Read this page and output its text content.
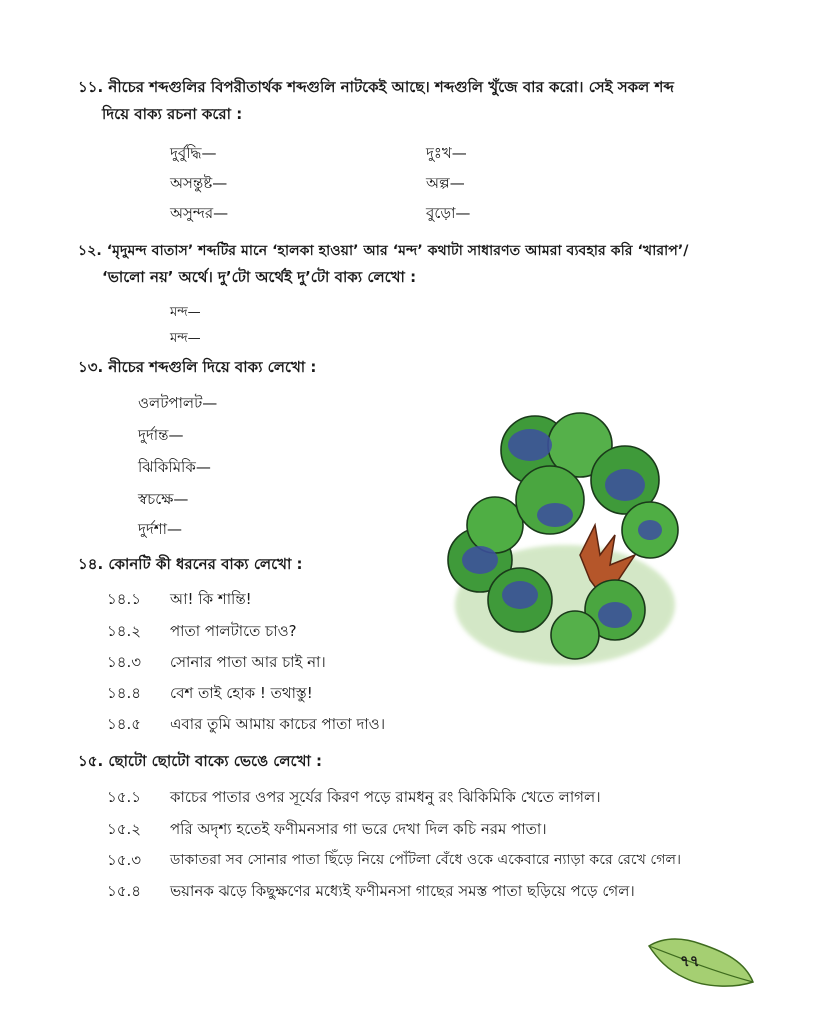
১১. নীচের শব্দগুলির বিপরীতার্থক শব্দগুলি নাটকেই আছে। শব্দগুলি খুঁজে বার করো। সেই সকল শব্দ
দিয়ে বাক্য রচনা করো :
দুর্বুদ্ধি—
অসন্তুষ্ট—
অসুন্দর—
দুঃখ—
অল্প—
বুড়ো—
১২. ‘মৃদুমন্দ বাতাস’ শব্দটির মানে ‘হালকা হাওয়া’ আর ‘মন্দ’ কথাটা সাধারণত আমরা ব্যবহার করি ‘খারাপ’/
‘ভালো নয়’ অর্থে। দু’টো অর্থেই দু’টো বাক্য লেখো :
মন্দ—
মন্দ—
১৩. নীচের শব্দগুলি দিয়ে বাক্য লেখো :
ওলটপালট—
দুর্দান্ত—
ঝিকিমিকি—
স্বচক্ষে—
দুর্দশা—
১৪. কোনটি কী ধরনের বাক্য লেখো :
১৪.১ আ! কি শান্তি!
১৪.২ পাতা পালটাতে চাও?
১৪.৩ সোনার পাতা আর চাই না।
১৪.৪ বেশ তাই হোক ! তথাস্তু!
১৪.৫ এবার তুমি আমায় কাচের পাতা দাও।
১৫. ছোটো ছোটো বাক্যে ভেঙে লেখো :
১৫.১ কাচের পাতার ওপর সূর্যের কিরণ পড়ে রামধনু রং ঝিকিমিকি খেতে লাগল।
১৫.২ পরি অদৃশ্য হতেই ফণীমনসার গা ভরে দেখা দিল কচি নরম পাতা।
১৫.৩ ডাকাতরা সব সোনার পাতা ছিঁড়ে নিয়ে পোঁটলা বেঁধে ওকে একেবারে ন্যাড়া করে রেখে গেল।
১৫.৪ ভয়ানক ঝড়ে কিছুক্ষণের মধ্যেই ফণীমনসা গাছের সমস্ত পাতা ছড়িয়ে পড়ে গেল।
৭৭
